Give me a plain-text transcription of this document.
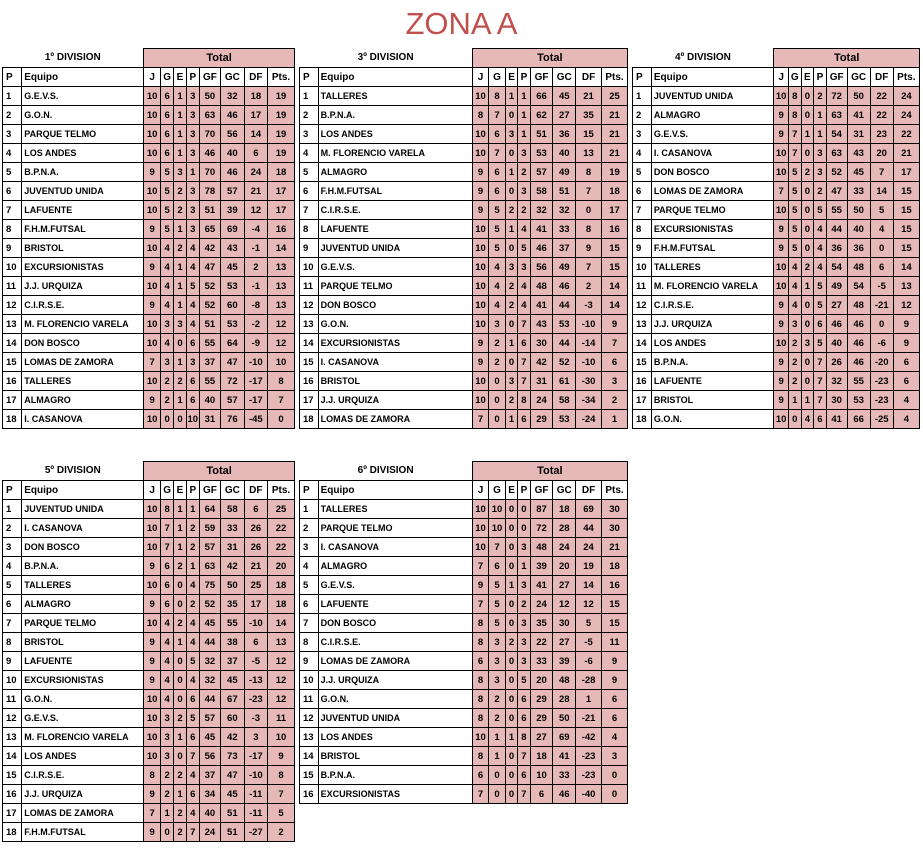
ZONA A
1º DIVISION		Total							
P	Equipo	J	G	E	P	GF	GC	DF	Pts.
1	G.E.V.S.	10	6	1	3	50	32	18	19
2	G.O.N.	10	6	1	3	63	46	17	19
3	PARQUE TELMO	10	6	1	3	70	56	14	19
4	LOS ANDES	10	6	1	3	46	40	6	19
5	B.P.N.A.	9	5	3	1	70	46	24	18
6	JUVENTUD UNIDA	10	5	2	3	78	57	21	17
7	LAFUENTE	10	5	2	3	51	39	12	17
8	F.H.M.FUTSAL	9	5	1	3	65	69	-4	16
9	BRISTOL	10	4	2	4	42	43	-1	14
10	EXCURSIONISTAS	9	4	1	4	47	45	2	13
11	J.J. URQUIZA	10	4	1	5	52	53	-1	13
12	C.I.R.S.E.	9	4	1	4	52	60	-8	13
13	M. FLORENCIO VARELA	10	3	3	4	51	53	-2	12
14	DON BOSCO	10	4	0	6	55	64	-9	12
15	LOMAS DE ZAMORA	7	3	1	3	37	47	-10	10
16	TALLERES	10	2	2	6	55	72	-17	8
17	ALMAGRO	9	2	1	6	40	57	-17	7
18	I. CASANOVA	10	0	0	10	31	76	-45	0
3º DIVISION		Total							
P	Equipo	J	G	E	P	GF	GC	DF	Pts.
1	TALLERES	10	8	1	1	66	45	21	25
2	B.P.N.A.	8	7	0	1	62	27	35	21
3	LOS ANDES	10	6	3	1	51	36	15	21
4	M. FLORENCIO VARELA	10	7	0	3	53	40	13	21
5	ALMAGRO	9	6	1	2	57	49	8	19
6	F.H.M.FUTSAL	9	6	0	3	58	51	7	18
7	C.I.R.S.E.	9	5	2	2	32	32	0	17
8	LAFUENTE	10	5	1	4	41	33	8	16
9	JUVENTUD UNIDA	10	5	0	5	46	37	9	15
10	G.E.V.S.	10	4	3	3	56	49	7	15
11	PARQUE TELMO	10	4	2	4	48	46	2	14
12	DON BOSCO	10	4	2	4	41	44	-3	14
13	G.O.N.	10	3	0	7	43	53	-10	9
14	EXCURSIONISTAS	9	2	1	6	30	44	-14	7
15	I. CASANOVA	9	2	0	7	42	52	-10	6
16	BRISTOL	10	0	3	7	31	61	-30	3
17	J.J. URQUIZA	10	0	2	8	24	58	-34	2
18	LOMAS DE ZAMORA	7	0	1	6	29	53	-24	1
4º DIVISION		Total							
P	Equipo	J	G	E	P	GF	GC	DF	Pts.
1	JUVENTUD UNIDA	10	8	0	2	72	50	22	24
2	ALMAGRO	9	8	0	1	63	41	22	24
3	G.E.V.S.	9	7	1	1	54	31	23	22
4	I. CASANOVA	10	7	0	3	63	43	20	21
5	DON BOSCO	10	5	2	3	52	45	7	17
6	LOMAS DE ZAMORA	7	5	0	2	47	33	14	15
7	PARQUE TELMO	10	5	0	5	55	50	5	15
8	EXCURSIONISTAS	9	5	0	4	44	40	4	15
9	F.H.M.FUTSAL	9	5	0	4	36	36	0	15
10	TALLERES	10	4	2	4	54	48	6	14
11	M. FLORENCIO VARELA	10	4	1	5	49	54	-5	13
12	C.I.R.S.E.	9	4	0	5	27	48	-21	12
13	J.J. URQUIZA	9	3	0	6	46	46	0	9
14	LOS ANDES	10	2	3	5	40	46	-6	9
15	B.P.N.A.	9	2	0	7	26	46	-20	6
16	LAFUENTE	9	2	0	7	32	55	-23	6
17	BRISTOL	9	1	1	7	30	53	-23	4
18	G.O.N.	10	0	4	6	41	66	-25	4
5º DIVISION		Total							
P	Equipo	J	G	E	P	GF	GC	DF	Pts.
1	JUVENTUD UNIDA	10	8	1	1	64	58	6	25
2	I. CASANOVA	10	7	1	2	59	33	26	22
3	DON BOSCO	10	7	1	2	57	31	26	22
4	B.P.N.A.	9	6	2	1	63	42	21	20
5	TALLERES	10	6	0	4	75	50	25	18
6	ALMAGRO	9	6	0	2	52	35	17	18
7	PARQUE TELMO	10	4	2	4	45	55	-10	14
8	BRISTOL	9	4	1	4	44	38	6	13
9	LAFUENTE	9	4	0	5	32	37	-5	12
10	EXCURSIONISTAS	9	4	0	4	32	45	-13	12
11	G.O.N.	10	4	0	6	44	67	-23	12
12	G.E.V.S.	10	3	2	5	57	60	-3	11
13	M. FLORENCIO VARELA	10	3	1	6	45	42	3	10
14	LOS ANDES	10	3	0	7	56	73	-17	9
15	C.I.R.S.E.	8	2	2	4	37	47	-10	8
16	J.J. URQUIZA	9	2	1	6	34	45	-11	7
17	LOMAS DE ZAMORA	7	1	2	4	40	51	-11	5
18	F.H.M.FUTSAL	9	0	2	7	24	51	-27	2
6º DIVISION		Total							
P	Equipo	J	G	E	P	GF	GC	DF	Pts.
1	TALLERES	10	10	0	0	87	18	69	30
2	PARQUE TELMO	10	10	0	0	72	28	44	30
3	I. CASANOVA	10	7	0	3	48	24	24	21
4	ALMAGRO	7	6	0	1	39	20	19	18
5	G.E.V.S.	9	5	1	3	41	27	14	16
6	LAFUENTE	7	5	0	2	24	12	12	15
7	DON BOSCO	8	5	0	3	35	30	5	15
8	C.I.R.S.E.	8	3	2	3	22	27	-5	11
9	LOMAS DE ZAMORA	6	3	0	3	33	39	-6	9
10	J.J. URQUIZA	8	3	0	5	20	48	-28	9
11	G.O.N.	8	2	0	6	29	28	1	6
12	JUVENTUD UNIDA	8	2	0	6	29	50	-21	6
13	LOS ANDES	10	1	1	8	27	69	-42	4
14	BRISTOL	8	1	0	7	18	41	-23	3
15	B.P.N.A.	6	0	0	6	10	33	-23	0
16	EXCURSIONISTAS	7	0	0	7	6	46	-40	0
